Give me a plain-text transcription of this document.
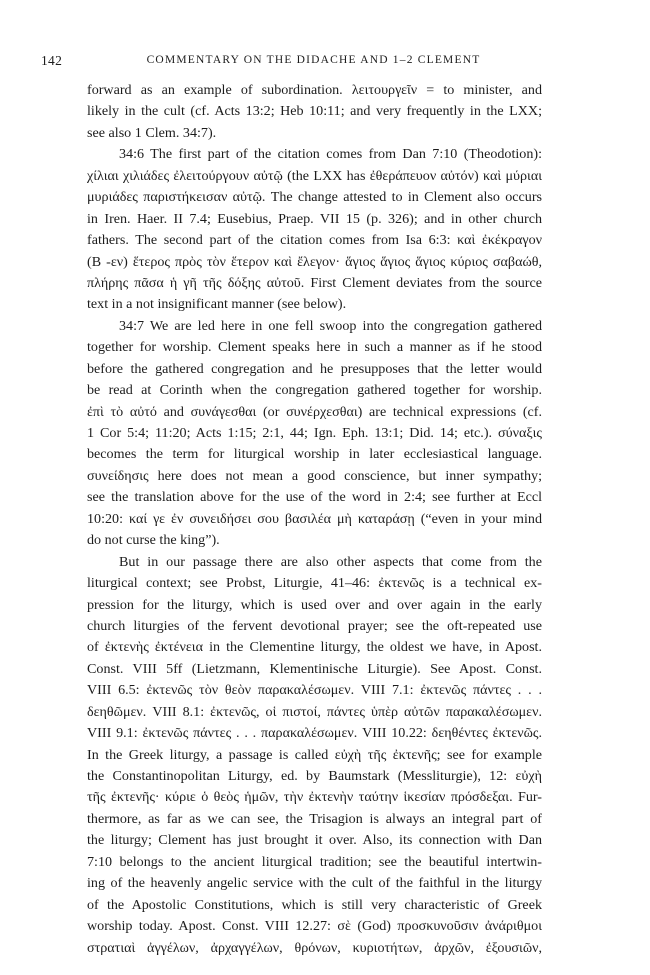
142	COMMENTARY ON THE DIDACHE AND 1–2 CLEMENT
forward as an example of subordination. λειτουργεῖν = to minister, and
likely in the cult (cf. Acts 13:2; Heb 10:11; and very frequently in the LXX;
see also 1 Clem. 34:7).
34:6 The first part of the citation comes from Dan 7:10 (Theodotion):
χίλιαι χιλιάδες ἐλειτούργουν αὐτῷ (the LXX has ἐθεράπευον αὐτόν) καὶ μύριαι
μυριάδες παριστήκεισαν αὐτῷ. The change attested to in Clement also occurs
in Iren. Haer. II 7.4; Eusebius, Praep. VII 15 (p. 326); and in other church
fathers. The second part of the citation comes from Isa 6:3: καὶ ἐκέκραγον
(B -εν) ἕτερος πρὸς τὸν ἕτερον καὶ ἔλεγον· ἅγιος ἅγιος ἅγιος κύριος σαβαώθ,
πλήρης πᾶσα ἡ γῆ τῆς δόξης αὐτοῦ. First Clement deviates from the source
text in a not insignificant manner (see below).
34:7 We are led here in one fell swoop into the congregation gathered
together for worship. Clement speaks here in such a manner as if he stood
before the gathered congregation and he presupposes that the letter would
be read at Corinth when the congregation gathered together for worship.
ἐπὶ τὸ αὐτό and συνάγεσθαι (or συνέρχεσθαι) are technical expressions (cf.
1 Cor 5:4; 11:20; Acts 1:15; 2:1, 44; Ign. Eph. 13:1; Did. 14; etc.). σύναξις
becomes the term for liturgical worship in later ecclesiastical language.
συνείδησις here does not mean a good conscience, but inner sympathy;
see the translation above for the use of the word in 2:4; see further at Eccl
10:20: καί γε ἐν συνειδήσει σου βασιλέα μὴ καταράσῃ (“even in your mind
do not curse the king”).
But in our passage there are also other aspects that come from the
liturgical context; see Probst, Liturgie, 41–46: ἐκτενῶς is a technical ex-
pression for the liturgy, which is used over and over again in the early
church liturgies of the fervent devotional prayer; see the oft-repeated use
of ἐκτενὴς ἐκτένεια in the Clementine liturgy, the oldest we have, in Apost.
Const. VIII 5ff (Lietzmann, Klementinische Liturgie). See Apost. Const.
VIII 6.5: ἐκτενῶς τὸν θεὸν παρακαλέσωμεν. VIII 7.1: ἐκτενῶς πάντες . . .
δεηθῶμεν. VIII 8.1: ἐκτενῶς, οἱ πιστοί, πάντες ὑπὲρ αὐτῶν παρακαλέσωμεν.
VIII 9.1: ἐκτενῶς πάντες . . . παρακαλέσωμεν. VIII 10.22: δεηθέντες ἐκτενῶς.
In the Greek liturgy, a passage is called εὐχὴ τῆς ἐκτενῆς; see for example
the Constantinopolitan Liturgy, ed. by Baumstark (Messliturgie), 12: εὐχὴ
τῆς ἐκτενῆς· κύριε ὁ θεὸς ἡμῶν, τὴν ἐκτενὴν ταύτην ἱκεσίαν πρόσδεξαι. Fur-
thermore, as far as we can see, the Trisagion is always an integral part of
the liturgy; Clement has just brought it over. Also, its connection with Dan
7:10 belongs to the ancient liturgical tradition; see the beautiful intertwin-
ing of the heavenly angelic service with the cult of the faithful in the liturgy
of the Apostolic Constitutions, which is still very characteristic of Greek
worship today. Apost. Const. VIII 12.27: σὲ (God) προσκυνοῦσιν ἀνάριθμοι
στρατιαὶ ἀγγέλων, ἀρχαγγέλων, θρόνων, κυριοτήτων, ἀρχῶν, ἐξουσιῶν,
